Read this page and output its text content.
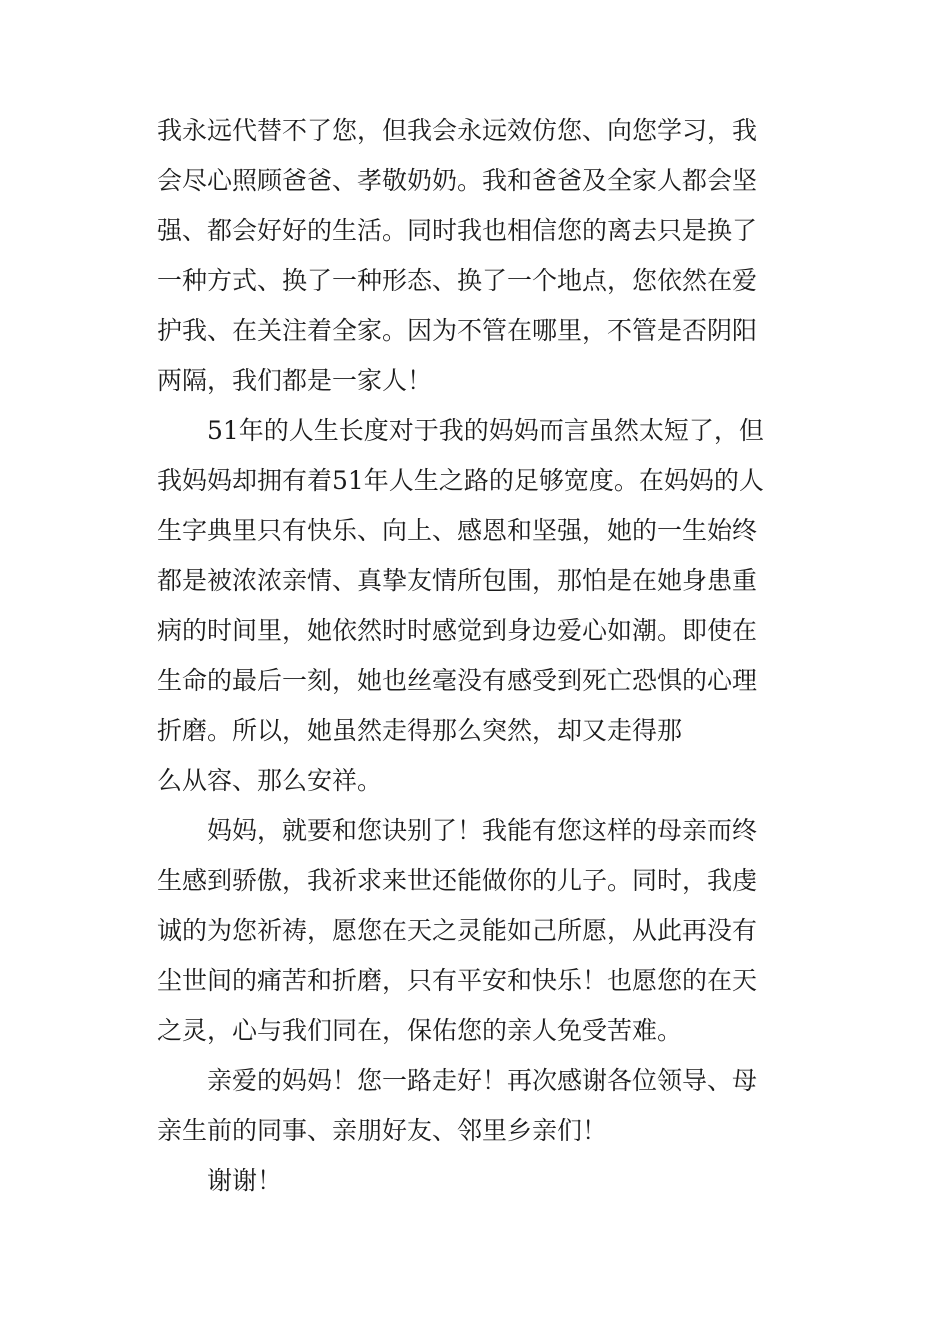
我永远代替不了您，但我会永远效仿您、向您学习，我

会尽心照顾爸爸、孝敬奶奶。我和爸爸及全家人都会坚

强、都会好好的生活。同时我也相信您的离去只是换了

一种方式、换了一种形态、换了一个地点，您依然在爱

护我、在关注着全家。因为不管在哪里，不管是否阴阳

两隔，我们都是一家人！

51年的人生长度对于我的妈妈而言虽然太短了，但

我妈妈却拥有着51年人生之路的足够宽度。在妈妈的人

生字典里只有快乐、向上、感恩和坚强，她的一生始终

都是被浓浓亲情、真挚友情所包围，那怕是在她身患重

病的时间里，她依然时时感觉到身边爱心如潮。即使在

生命的最后一刻，她也丝毫没有感受到死亡恐惧的心理

折磨。所以，她虽然走得那么突然，却又走得那

么从容、那么安祥。

妈妈，就要和您诀别了！我能有您这样的母亲而终

生感到骄傲，我祈求来世还能做你的儿子。同时，我虔

诚的为您祈祷，愿您在天之灵能如己所愿，从此再没有

尘世间的痛苦和折磨，只有平安和快乐！也愿您的在天

之灵，心与我们同在，保佑您的亲人免受苦难。

亲爱的妈妈！您一路走好！再次感谢各位领导、母

亲生前的同事、亲朋好友、邻里乡亲们！

谢谢！
